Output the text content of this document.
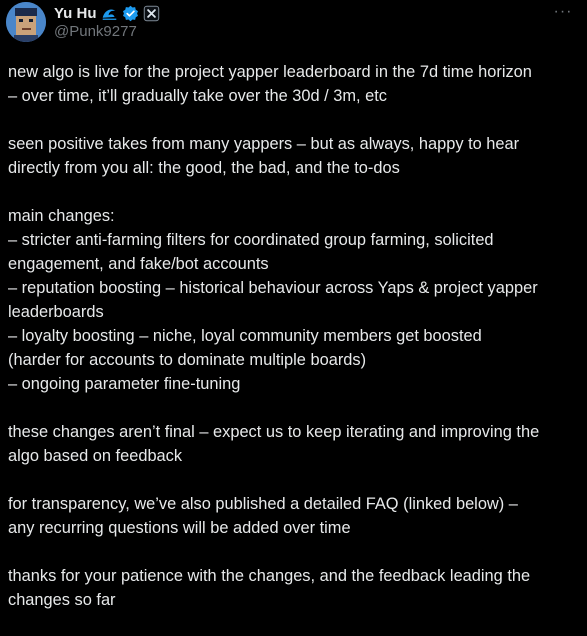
Yu Hu
@Punk9277
···
new algo is live for the project yapper leaderboard in the 7d time horizon
– over time, it’ll gradually take over the 30d / 3m, etc
seen positive takes from many yappers – but as always, happy to hear
directly from you all: the good, the bad, and the to-dos
main changes:
– stricter anti-farming filters for coordinated group farming, solicited
engagement, and fake/bot accounts
– reputation boosting – historical behaviour across Yaps & project yapper
leaderboards
– loyalty boosting – niche, loyal community members get boosted
(harder for accounts to dominate multiple boards)
– ongoing parameter fine-tuning
these changes aren’t final – expect us to keep iterating and improving the
algo based on feedback
for transparency, we’ve also published a detailed FAQ (linked below) –
any recurring questions will be added over time
thanks for your patience with the changes, and the feedback leading the
changes so far
